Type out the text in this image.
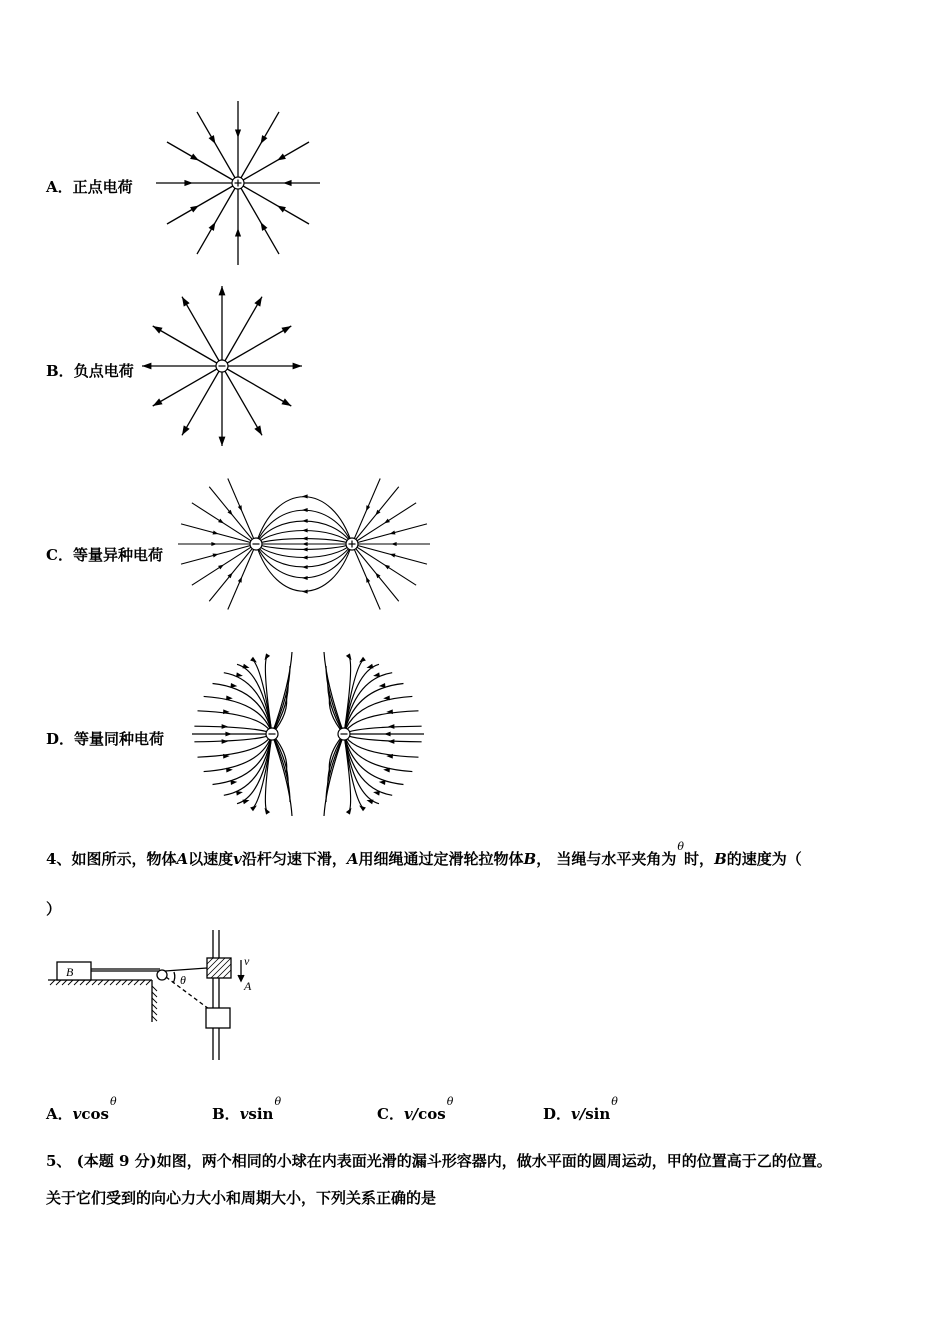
A．正点电荷
B．负点电荷
C．等量异种电荷
D．等量同种电荷
4、如图所示，物体A以速度v沿杆匀速下滑，A用细绳通过定滑轮拉物体B， 当绳与水平夹角为$^\theta$时，B的速度为（
）
B
θ
v
A
A．vcos$^\theta$
B．vsin$^\theta$
C．$v/\cos^\theta$
D．$v/\sin^\theta$
5、 (本题 9 分)如图，两个相同的小球在内表面光滑的漏斗形容器内，做水平面的圆周运动，甲的位置高于乙的位置。
关于它们受到的向心力大小和周期大小，下列关系正确的是
